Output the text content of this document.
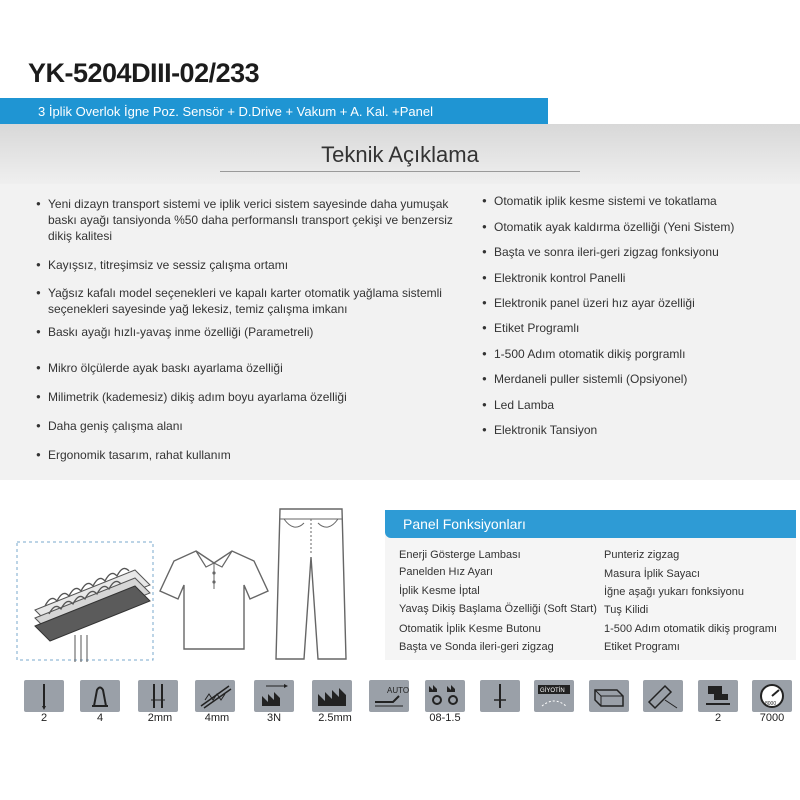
YK-5204DIII-02/233
3 İplik Overlok İgne Poz. Sensör + D.Drive + Vakum + A. Kal. +Panel
Teknik Açıklama
● Yeni dizayn transport sistemi ve iplik verici sistem sayesinde daha yumuşak baskı ayağı tansiyonda %50 daha performanslı transport çekişi ve benzersiz dikiş kalitesi
● Kayışsız, titreşimsiz ve sessiz çalışma ortamı
● Yağsız kafalı model seçenekleri ve kapalı karter otomatik yağlama sistemli seçenekleri sayesinde yağ lekesiz, temiz çalışma imkanı
● Baskı ayağı hızlı-yavaş inme özelliği (Parametreli)
● Mikro ölçülerde ayak baskı ayarlama özelliği
● Milimetrik (kademesiz) dikiş adım boyu ayarlama özelliği
● Daha geniş çalışma alanı
● Ergonomik tasarım, rahat kullanım
● Otomatik iplik kesme sistemi ve tokatlama
● Otomatik ayak kaldırma özelliği (Yeni Sistem)
● Başta ve sonra ileri-geri zigzag fonksiyonu
● Elektronik kontrol Panelli
● Elektronik panel üzeri hız ayar özelliği
● Etiket Programlı
● 1-500 Adım otomatik dikiş porgramlı
● Merdaneli puller sistemli (Opsiyonel)
● Led Lamba
● Elektronik Tansiyon
Panel Fonksiyonları
Enerji Gösterge Lambası
Panelden Hız Ayarı
İplik Kesme İptal
Yavaş Dikiş Başlama Özelliği (Soft Start)
Otomatik İplik Kesme Butonu
Başta ve Sonda ileri-geri zigzag
Punteriz zigzag
Masura İplik Sayacı
İğne aşağı yukarı fonksiyonu
Tuş Kilidi
1-500 Adım otomatik dikiş programı
Etiket Programı
2	4	2mm	4mm	3N	2.5mm
AUTO
08-1.5
GİYOTİN
2
8000
7000
